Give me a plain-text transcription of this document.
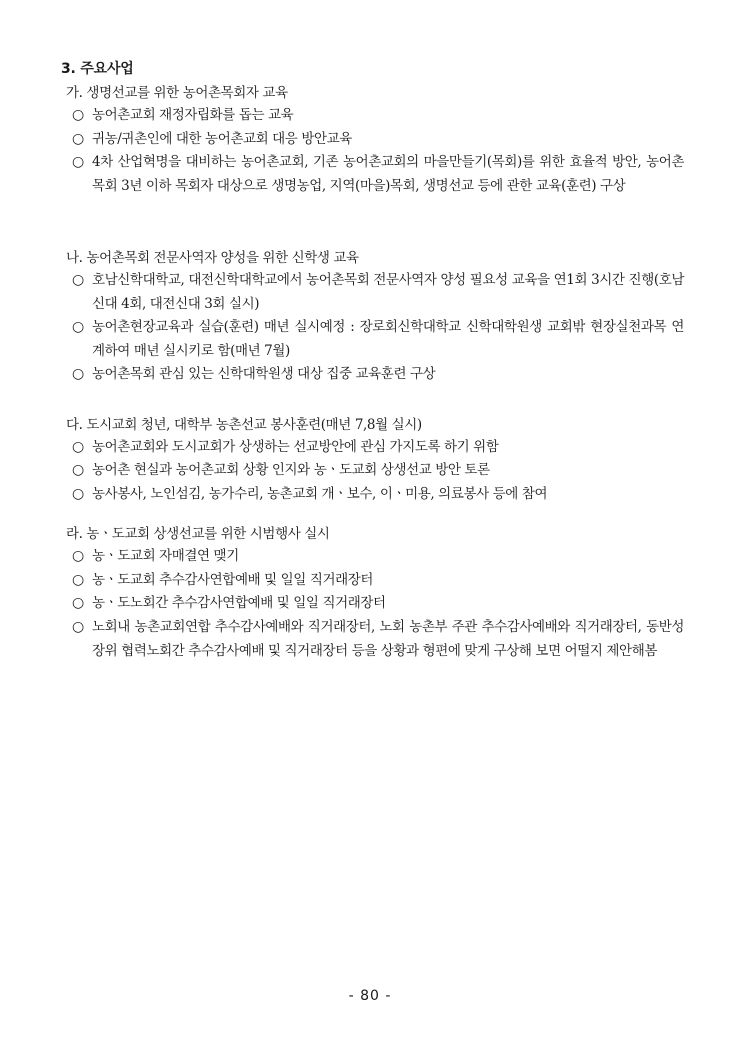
3. 주요사업
가. 생명선교를 위한 농어촌목회자 교육
○ 농어촌교회 재정자립화를 돕는 교육
○ 귀농/귀촌인에 대한 농어촌교회 대응 방안교육
○ 4차 산업혁명을 대비하는 농어촌교회, 기존 농어촌교회의 마을만들기(목회)를 위한 효율적 방안, 농어촌목회 3년 이하 목회자 대상으로 생명농업, 지역(마을)목회, 생명선교 등에 관한 교육(훈련) 구상
나. 농어촌목회 전문사역자 양성을 위한 신학생 교육
○ 호남신학대학교, 대전신학대학교에서 농어촌목회 전문사역자 양성 필요성 교육을 연1회 3시간 진행(호남신대 4회, 대전신대 3회 실시)
○ 농어촌현장교육과 실습(훈련) 매년 실시예정 : 장로회신학대학교 신학대학원생 교회밖 현장실천과목 연계하여 매년 실시키로 함(매년 7월)
○ 농어촌목회 관심 있는 신학대학원생 대상 집중 교육훈련 구상
다. 도시교회 청년, 대학부 농촌선교 봉사훈련(매년 7,8월 실시)
○ 농어촌교회와 도시교회가 상생하는 선교방안에 관심 가지도록 하기 위함
○ 농어촌 현실과 농어촌교회 상황 인지와 농ㆍ도교회 상생선교 방안 토론
○ 농사봉사, 노인섬김, 농가수리, 농촌교회 개ㆍ보수, 이ㆍ미용, 의료봉사 등에 참여
라. 농ㆍ도교회 상생선교를 위한 시범행사 실시
○ 농ㆍ도교회 자매결연 맺기
○ 농ㆍ도교회 추수감사연합예배 및 일일 직거래장터
○ 농ㆍ도노회간 추수감사연합예배 및 일일 직거래장터
○ 노회내 농촌교회연합 추수감사예배와 직거래장터, 노회 농촌부 주관 추수감사예배와 직거래장터, 동반성장위 협력노회간 추수감사예배 및 직거래장터 등을 상황과 형편에 맞게 구상해 보면 어떨지 제안해봄
- 80 -
